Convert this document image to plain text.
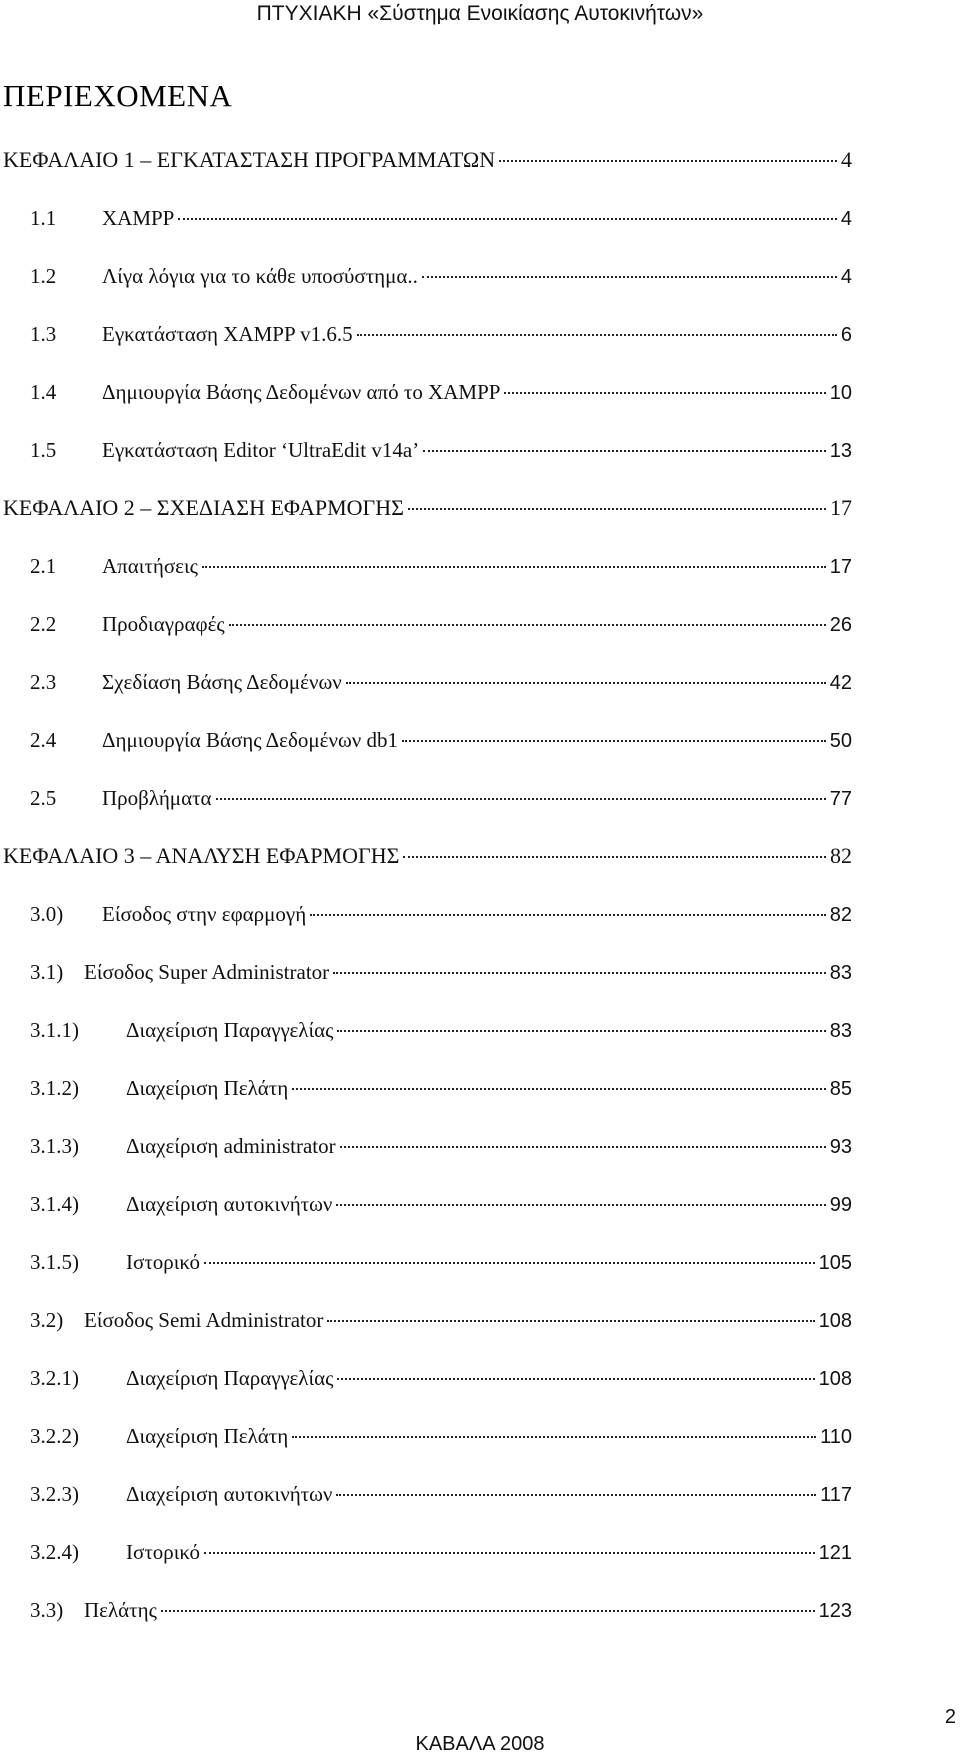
ΠΤΥΧΙΑΚΗ «Σύστημα Ενοικίασης Αυτοκινήτων»
ΠΕΡΙΕΧΟΜΕΝΑ
ΚΕΦΑΛΑΙΟ 1 – ΕΓΚΑΤΑΣΤΑΣΗ ΠΡΟΓΡΑΜΜΑΤΩΝ	4
1.1	XAMPP	4
1.2	Λίγα λόγια για το κάθε υποσύστημα..	4
1.3	Εγκατάσταση XAMPP v1.6.5	6
1.4	Δημιουργία Βάσης Δεδομένων από το XAMPP	10
1.5	Εγκατάσταση Editor ‘UltraEdit v14a’	13
ΚΕΦΑΛΑΙΟ 2 – ΣΧΕΔΙΑΣΗ ΕΦΑΡΜΟΓΗΣ	17
2.1	Απαιτήσεις	17
2.2	Προδιαγραφές	26
2.3	Σχεδίαση Βάσης Δεδομένων	42
2.4	Δημιουργία Βάσης Δεδομένων db1	50
2.5	Προβλήματα	77
ΚΕΦΑΛΑΙΟ 3 – ΑΝΑΛΥΣΗ ΕΦΑΡΜΟΓΗΣ	82
3.0)	Είσοδος στην εφαρμογή	82
3.1) Είσοδος Super Administrator	83
3.1.1)	Διαχείριση Παραγγελίας	83
3.1.2)	Διαχείριση Πελάτη	85
3.1.3)	Διαχείριση administrator	93
3.1.4)	Διαχείριση αυτοκινήτων	99
3.1.5)	Ιστορικό	105
3.2) Είσοδος Semi Administrator	108
3.2.1)	Διαχείριση Παραγγελίας	108
3.2.2)	Διαχείριση Πελάτη	110
3.2.3)	Διαχείριση αυτοκινήτων	117
3.2.4)	Ιστορικό	121
3.3) Πελάτης	123
2
ΚΑΒΑΛΑ 2008
